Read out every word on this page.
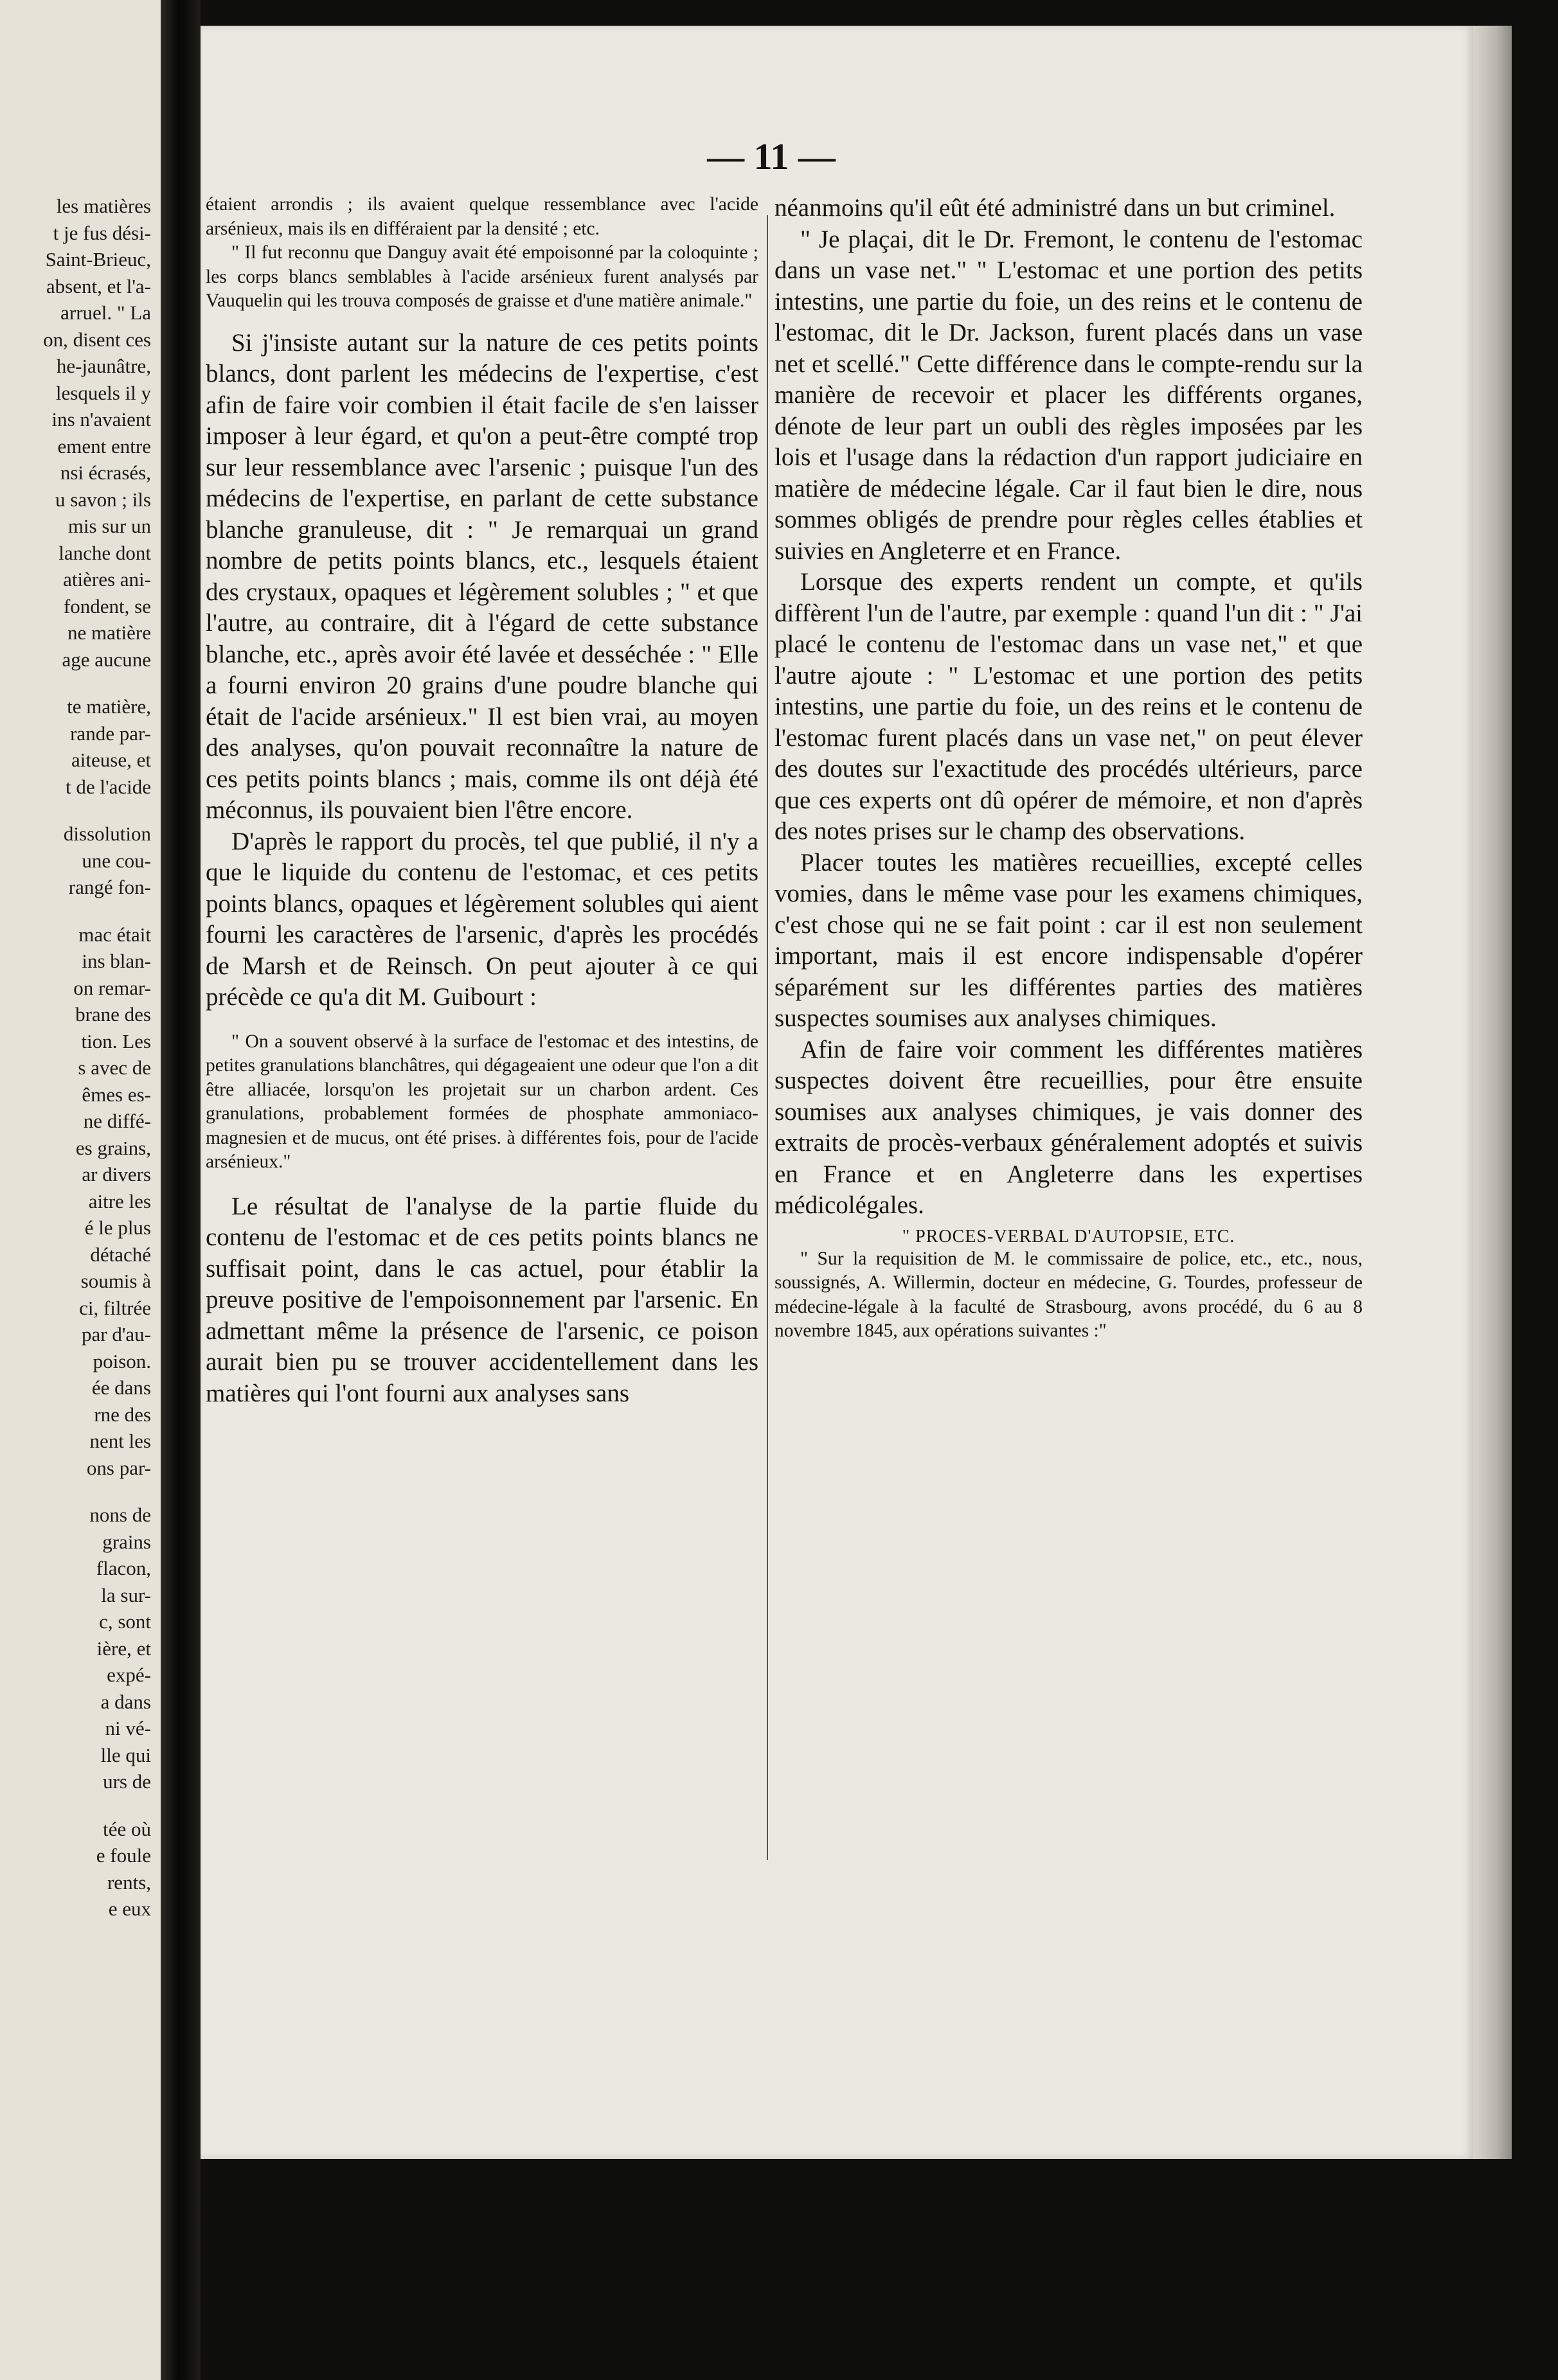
les matières
t je fus dési-
Saint-Brieuc,
absent, et l'a-
arruel. " La
on, disent ces
he-jaunâtre,
lesquels il y
ins n'avaient
ement entre
nsi écrasés,
u savon ; ils
mis sur un
lanche dont
atières ani-
fondent, se
ne matière
age aucune
te matière,
rande par-
aiteuse, et
t de l'acide
dissolution
une cou-
rangé fon-
mac était
ins blan-
on remar-
brane des
tion. Les
s avec de
êmes es-
ne diffé-
es grains,
ar divers
aitre les
é le plus
détaché
soumis à
ci, filtrée
par d'au-
poison.
ée dans
rne des
nent les
ons par-
nons de
grains
flacon,
la sur-
c, sont
ière, et
expé-
a dans
ni vé-
lle qui
urs de
tée où
e foule
rents,
e eux
— 11 —

étaient arrondis ; ils avaient quelque ressemblance avec l'acide arsénieux, mais ils en différaient par la densité ; etc.

" Il fut reconnu que Danguy avait été empoisonné par la coloquinte ; les corps blancs semblables à l'acide arsénieux furent analysés par Vauquelin qui les trouva composés de graisse et d'une matière animale."

Si j'insiste autant sur la nature de ces petits points blancs, dont parlent les médecins de l'expertise, c'est afin de faire voir combien il était facile de s'en laisser imposer à leur égard, et qu'on a peut-être compté trop sur leur ressemblance avec l'arsenic ; puisque l'un des médecins de l'expertise, en parlant de cette substance blanche granuleuse, dit : " Je remarquai un grand nombre de petits points blancs, etc., lesquels étaient des crystaux, opaques et légèrement solubles ; " et que l'autre, au contraire, dit à l'égard de cette substance blanche, etc., après avoir été lavée et desséchée : " Elle a fourni environ 20 grains d'une poudre blanche qui était de l'acide arsénieux." Il est bien vrai, au moyen des analyses, qu'on pouvait reconnaître la nature de ces petits points blancs ; mais, comme ils ont déjà été méconnus, ils pouvaient bien l'être encore.

D'après le rapport du procès, tel que publié, il n'y a que le liquide du contenu de l'estomac, et ces petits points blancs, opaques et légèrement solubles qui aient fourni les caractères de l'arsenic, d'après les procédés de Marsh et de Reinsch. On peut ajouter à ce qui précède ce qu'a dit M. Guibourt :

" On a souvent observé à la surface de l'estomac et des intestins, de petites granulations blanchâtres, qui dégageaient une odeur que l'on a dit être alliacée, lorsqu'on les projetait sur un charbon ardent. Ces granulations, probablement formées de phosphate ammoniaco-magnesien et de mucus, ont été prises. à différentes fois, pour de l'acide arsénieux."

Le résultat de l'analyse de la partie fluide du contenu de l'estomac et de ces petits points blancs ne suffisait point, dans le cas actuel, pour établir la preuve positive de l'empoisonnement par l'arsenic. En admettant même la présence de l'arsenic, ce poison aurait bien pu se trouver accidentellement dans les matières qui l'ont fourni aux analyses sans

néanmoins qu'il eût été administré dans un but criminel.

" Je plaçai, dit le Dr. Fremont, le contenu de l'estomac dans un vase net." " L'estomac et une portion des petits intestins, une partie du foie, un des reins et le contenu de l'estomac, dit le Dr. Jackson, furent placés dans un vase net et scellé." Cette différence dans le compte-rendu sur la manière de recevoir et placer les différents organes, dénote de leur part un oubli des règles imposées par les lois et l'usage dans la rédaction d'un rapport judiciaire en matière de médecine légale. Car il faut bien le dire, nous sommes obligés de prendre pour règles celles établies et suivies en Angleterre et en France.

Lorsque des experts rendent un compte, et qu'ils diffèrent l'un de l'autre, par exemple : quand l'un dit : " J'ai placé le contenu de l'estomac dans un vase net," et que l'autre ajoute : " L'estomac et une portion des petits intestins, une partie du foie, un des reins et le contenu de l'estomac furent placés dans un vase net," on peut élever des doutes sur l'exactitude des procédés ultérieurs, parce que ces experts ont dû opérer de mémoire, et non d'après des notes prises sur le champ des observations.

Placer toutes les matières recueillies, excepté celles vomies, dans le même vase pour les examens chimiques, c'est chose qui ne se fait point : car il est non seulement important, mais il est encore indispensable d'opérer séparément sur les différentes parties des matières suspectes soumises aux analyses chimiques.

Afin de faire voir comment les différentes matières suspectes doivent être recueillies, pour être ensuite soumises aux analyses chimiques, je vais donner des extraits de procès-verbaux généralement adoptés et suivis en France et en Angleterre dans les expertises médicolégales.

" PROCES-VERBAL D'AUTOPSIE, ETC.

" Sur la requisition de M. le commissaire de police, etc., etc., nous, soussignés, A. Willermin, docteur en médecine, G. Tourdes, professeur de médecine-légale à la faculté de Strasbourg, avons procédé, du 6 au 8 novembre 1845, aux opérations suivantes :"
